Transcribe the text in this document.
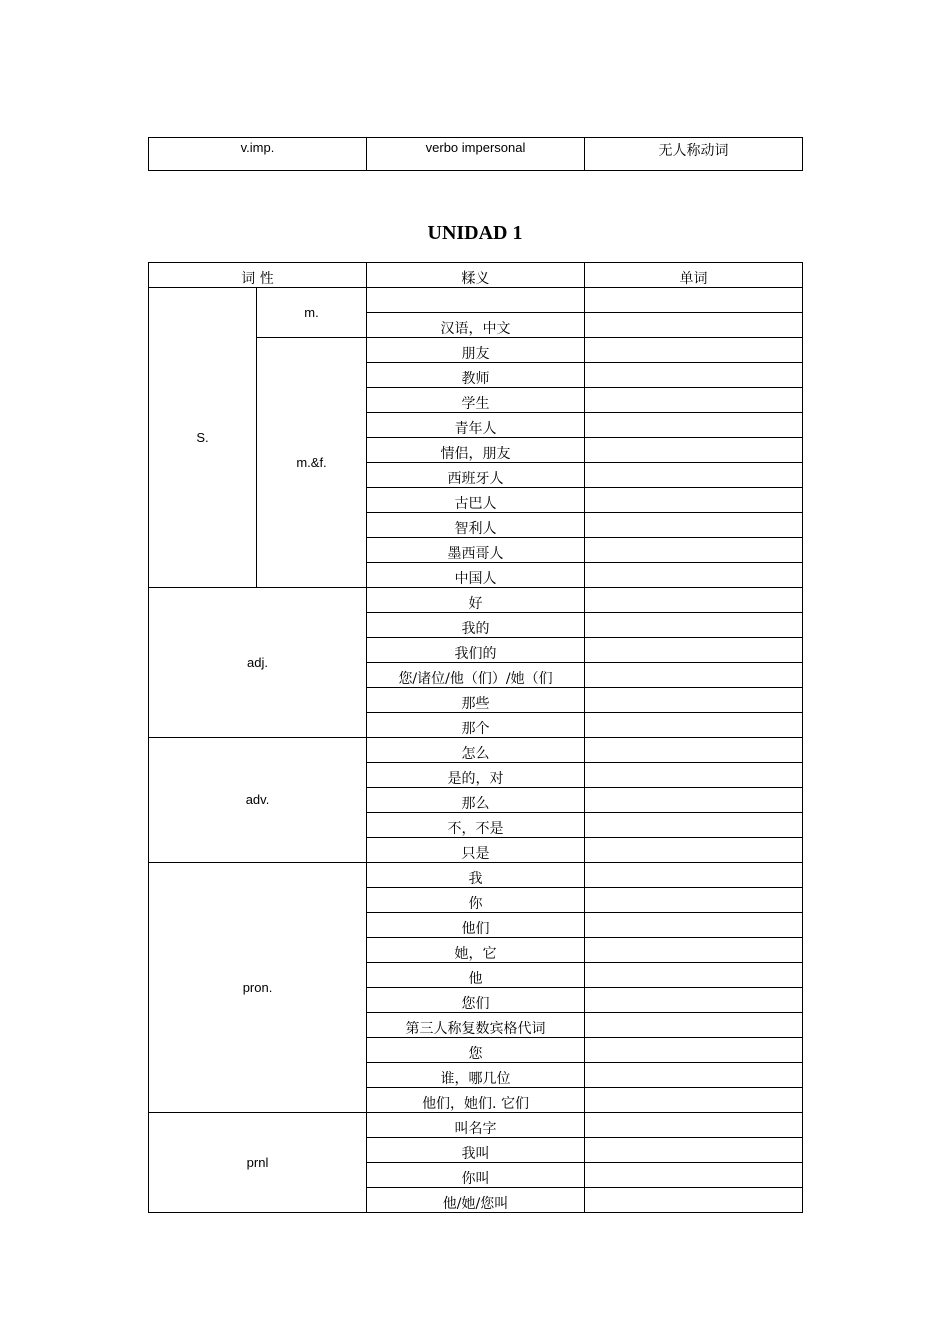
v.imp.	verbo impersonal	无人称动词
UNIDAD 1
词 性		糅义	单词
S.	m.		
		汉语，中文	
	m.&f.	朋友	
		教师	
		学生	
		青年人	
		情侣，朋友	
		西班牙人	
		古巴人	
		智利人	
		墨西哥人	
		中国人	
adj.		好	
		我的	
		我们的	
		您/诸位/他（们）/她（们	
		那些	
		那个	
adv.		怎么	
		是的，对	
		那么	
		不，不是	
		只是	
pron.		我	
		你	
		他们	
		她，它	
		他	
		您们	
		第三人称复数宾格代词	
		您	
		谁，哪几位	
		他们，她们. 它们	
prnl		叫名字	
		我叫	
		你叫	
		他/她/您叫	
